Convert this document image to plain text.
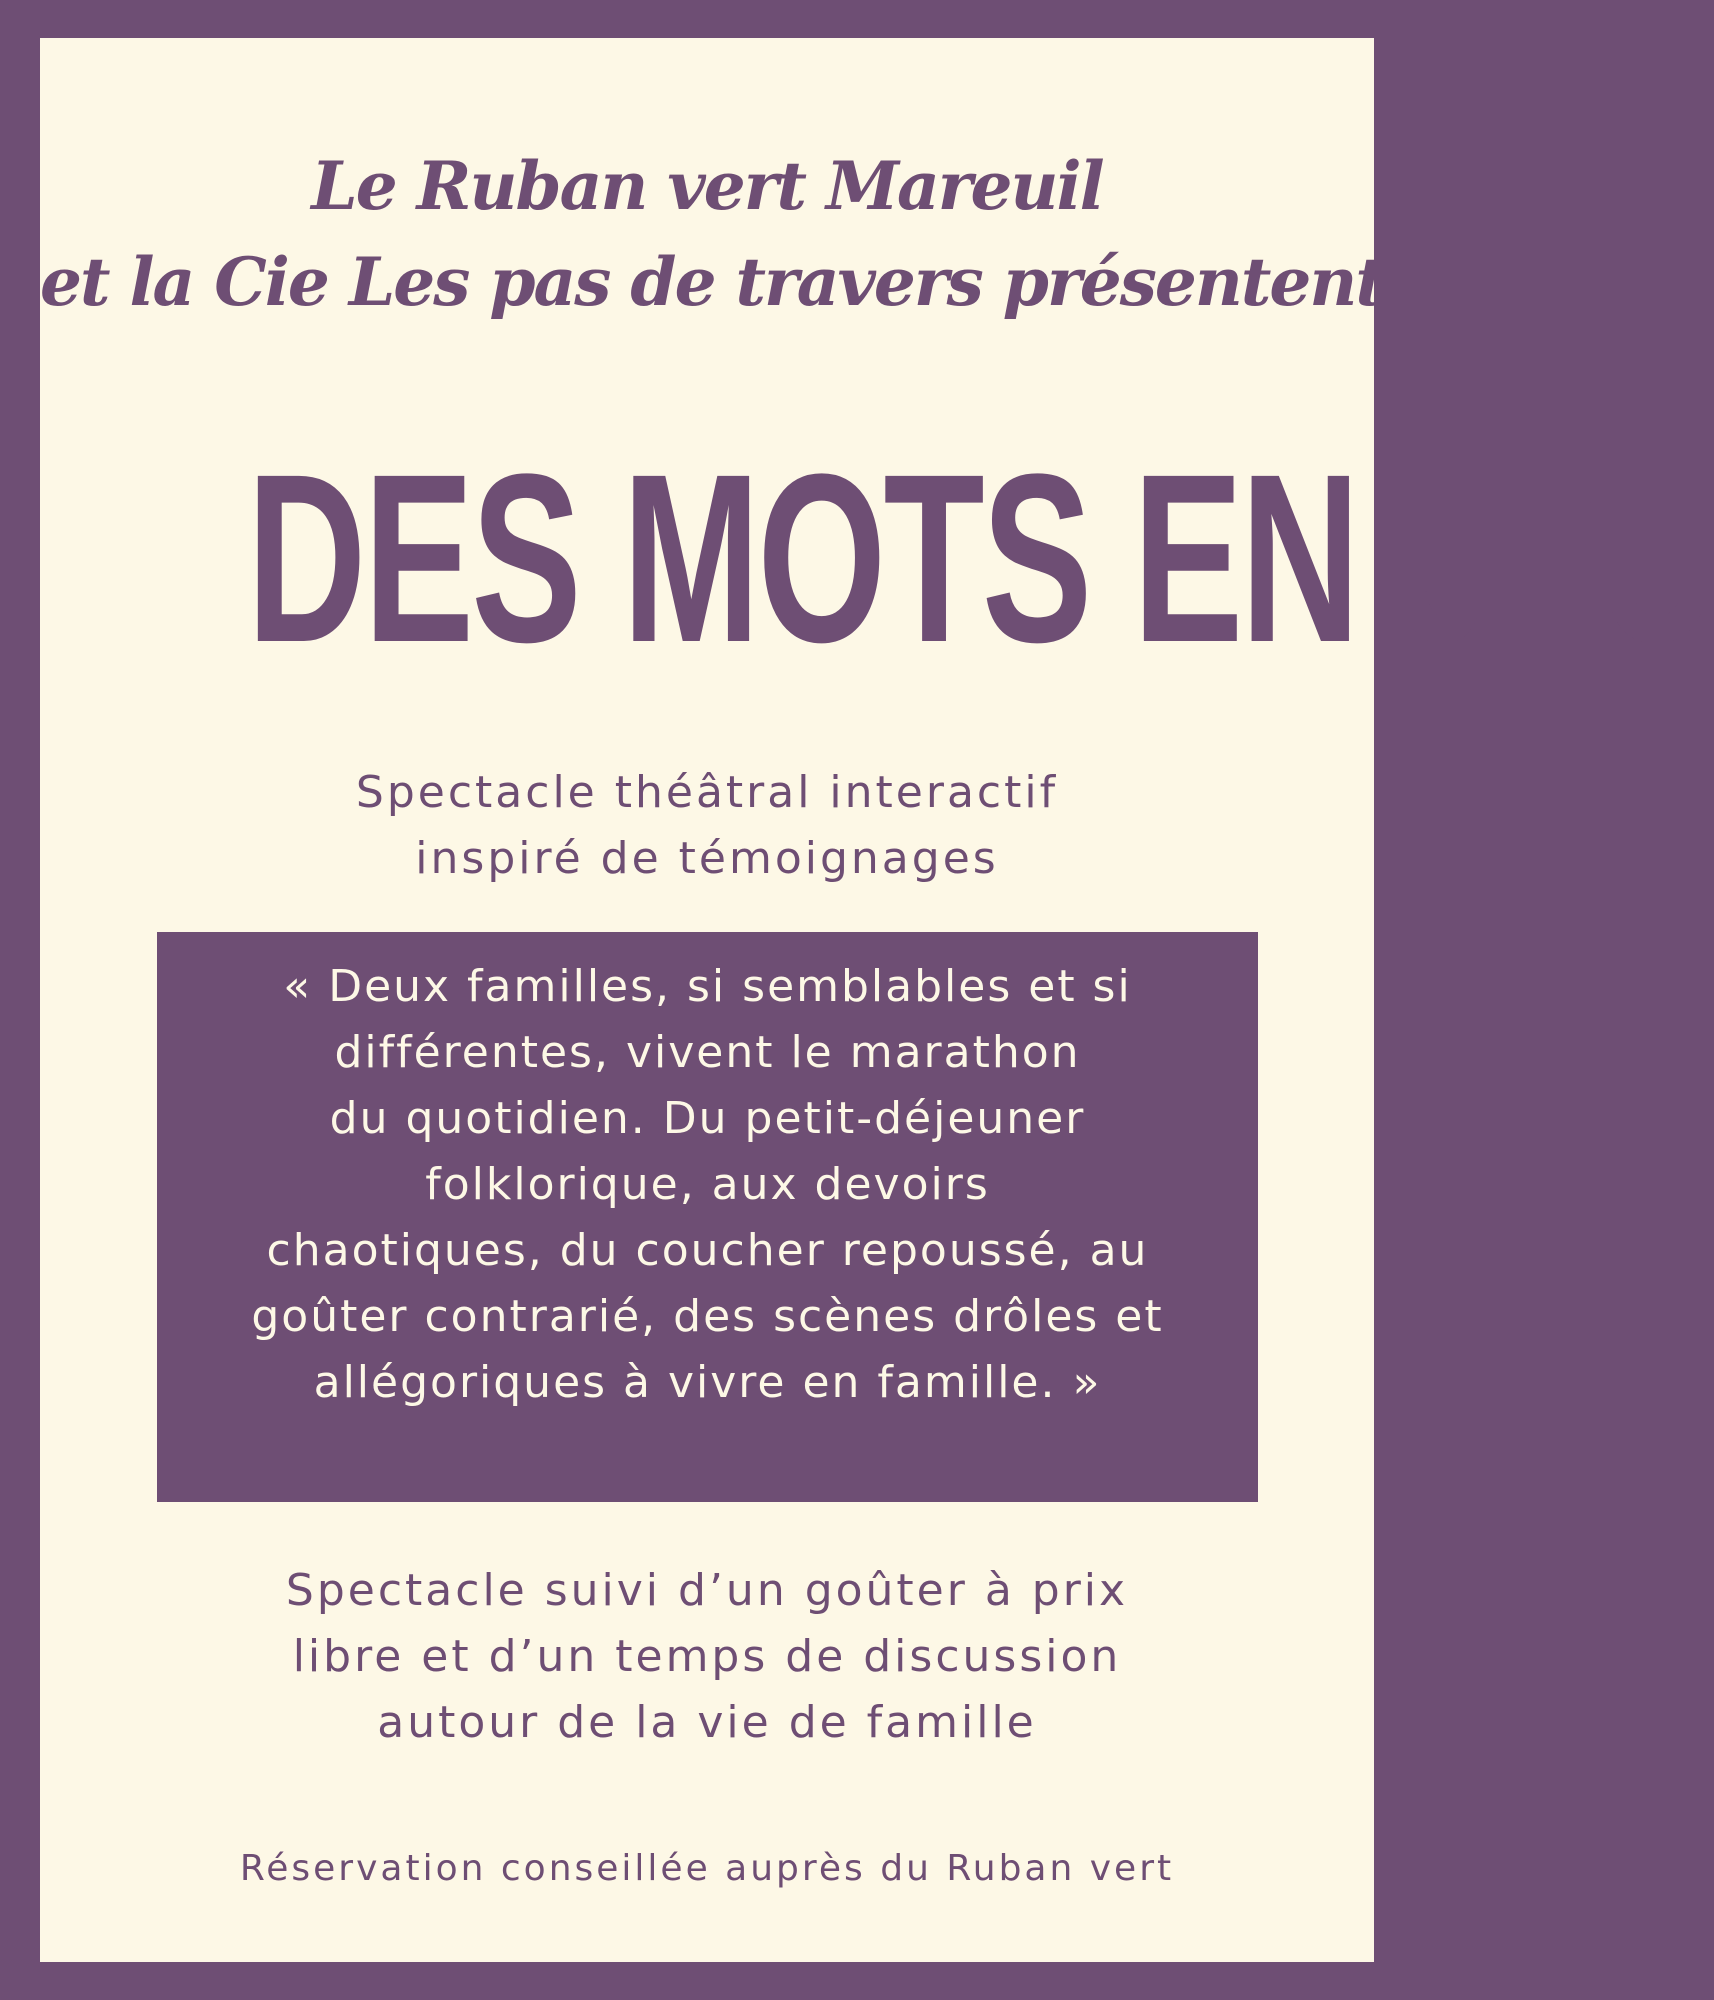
Le Ruban vert Mareuil
et la Cie Les pas de travers présentent
DES MOTS EN JEU
Spectacle théâtral interactif
inspiré de témoignages
« Deux familles, si semblables et si
différentes, vivent le marathon
du quotidien. Du petit-déjeuner
folklorique, aux devoirs
chaotiques, du coucher repoussé, au
goûter contrarié, des scènes drôles et
allégoriques à vivre en famille. »
Spectacle suivi d’un goûter à prix
libre et d’un temps de discussion
autour de la vie de famille
Réservation conseillée auprès du Ruban vert
